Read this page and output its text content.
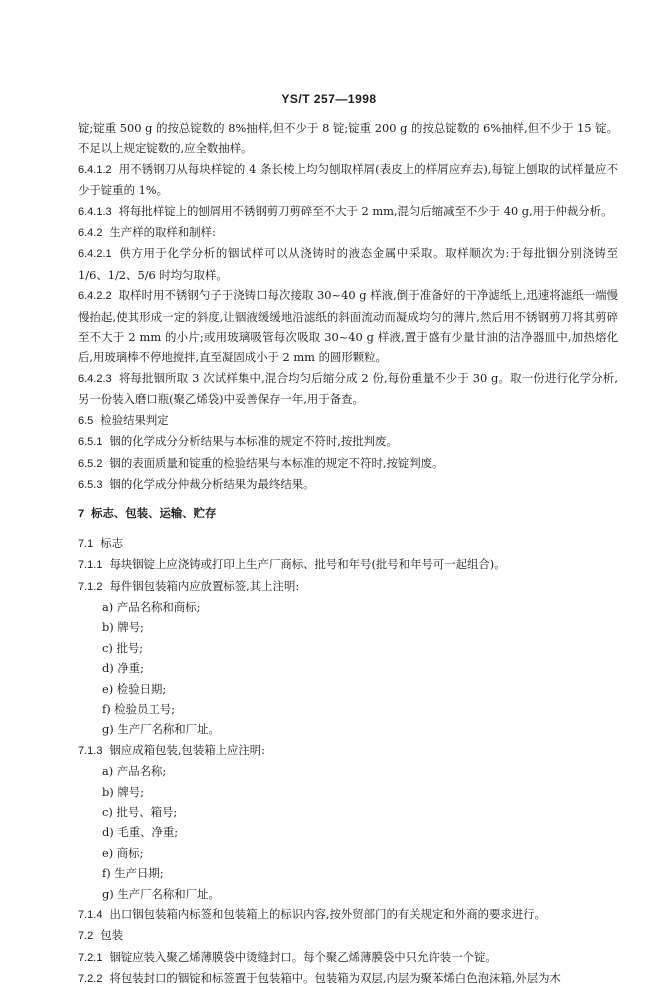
YS/T 257—1998

锭;锭重 500 g 的按总锭数的 8%抽样,但不少于 8 锭;锭重 200 g 的按总锭数的 6%抽样,但不少于 15 锭。不足以上规定锭数的,应全数抽样。

6.4.1.2 用不锈钢刀从每块样锭的 4 条长棱上均匀刨取样屑(表皮上的样屑应弃去),每锭上刨取的试样量应不少于锭重的 1%。

6.4.1.3 将每批样锭上的刨屑用不锈钢剪刀剪碎至不大于 2 mm,混匀后缩减至不少于 40 g,用于仲裁分析。

6.4.2 生产样的取样和制样:

6.4.2.1 供方用于化学分析的铟试样可以从浇铸时的液态金属中采取。取样顺次为:于每批铟分别浇铸至 1/6、1/2、5/6 时均匀取样。

6.4.2.2 取样时用不锈钢勺子于浇铸口每次接取 30~40 g 样液,倒于准备好的干净滤纸上,迅速将滤纸一端慢慢抬起,使其形成一定的斜度,让铟液缓缓地沿滤纸的斜面流动而凝成均匀的薄片,然后用不锈钢剪刀将其剪碎至不大于 2 mm 的小片;或用玻璃吸管每次吸取 30~40 g 样液,置于盛有少量甘油的洁净器皿中,加热熔化后,用玻璃棒不停地搅拌,直至凝固成小于 2 mm 的圆形颗粒。

6.4.2.3 将每批铟所取 3 次试样集中,混合均匀后缩分成 2 份,每份重量不少于 30 g。取一份进行化学分析,另一份装入磨口瓶(聚乙烯袋)中妥善保存一年,用于备查。

6.5 检验结果判定

6.5.1 铟的化学成分分析结果与本标准的规定不符时,按批判废。

6.5.2 铟的表面质量和锭重的检验结果与本标准的规定不符时,按锭判废。

6.5.3 铟的化学成分仲裁分析结果为最终结果。

7 标志、包装、运输、贮存

7.1 标志

7.1.1 每块铟锭上应浇铸或打印上生产厂商标、批号和年号(批号和年号可一起组合)。

7.1.2 每件铟包装箱内应放置标签,其上注明:

a) 产品名称和商标;

b) 牌号;

c) 批号;

d) 净重;

e) 检验日期;

f) 检验员工号;

g) 生产厂名称和厂址。

7.1.3 铟应成箱包装,包装箱上应注明:

a) 产品名称;

b) 牌号;

c) 批号、箱号;

d) 毛重、净重;

e) 商标;

f) 生产日期;

g) 生产厂名称和厂址。

7.1.4 出口铟包装箱内标签和包装箱上的标识内容,按外贸部门的有关规定和外商的要求进行。

7.2 包装

7.2.1 铟锭应装入聚乙烯薄膜袋中烫缝封口。每个聚乙烯薄膜袋中只允许装一个锭。

7.2.2 将包装封口的铟锭和标签置于包装箱中。包装箱为双层,内层为聚苯烯白色泡沫箱,外层为木
